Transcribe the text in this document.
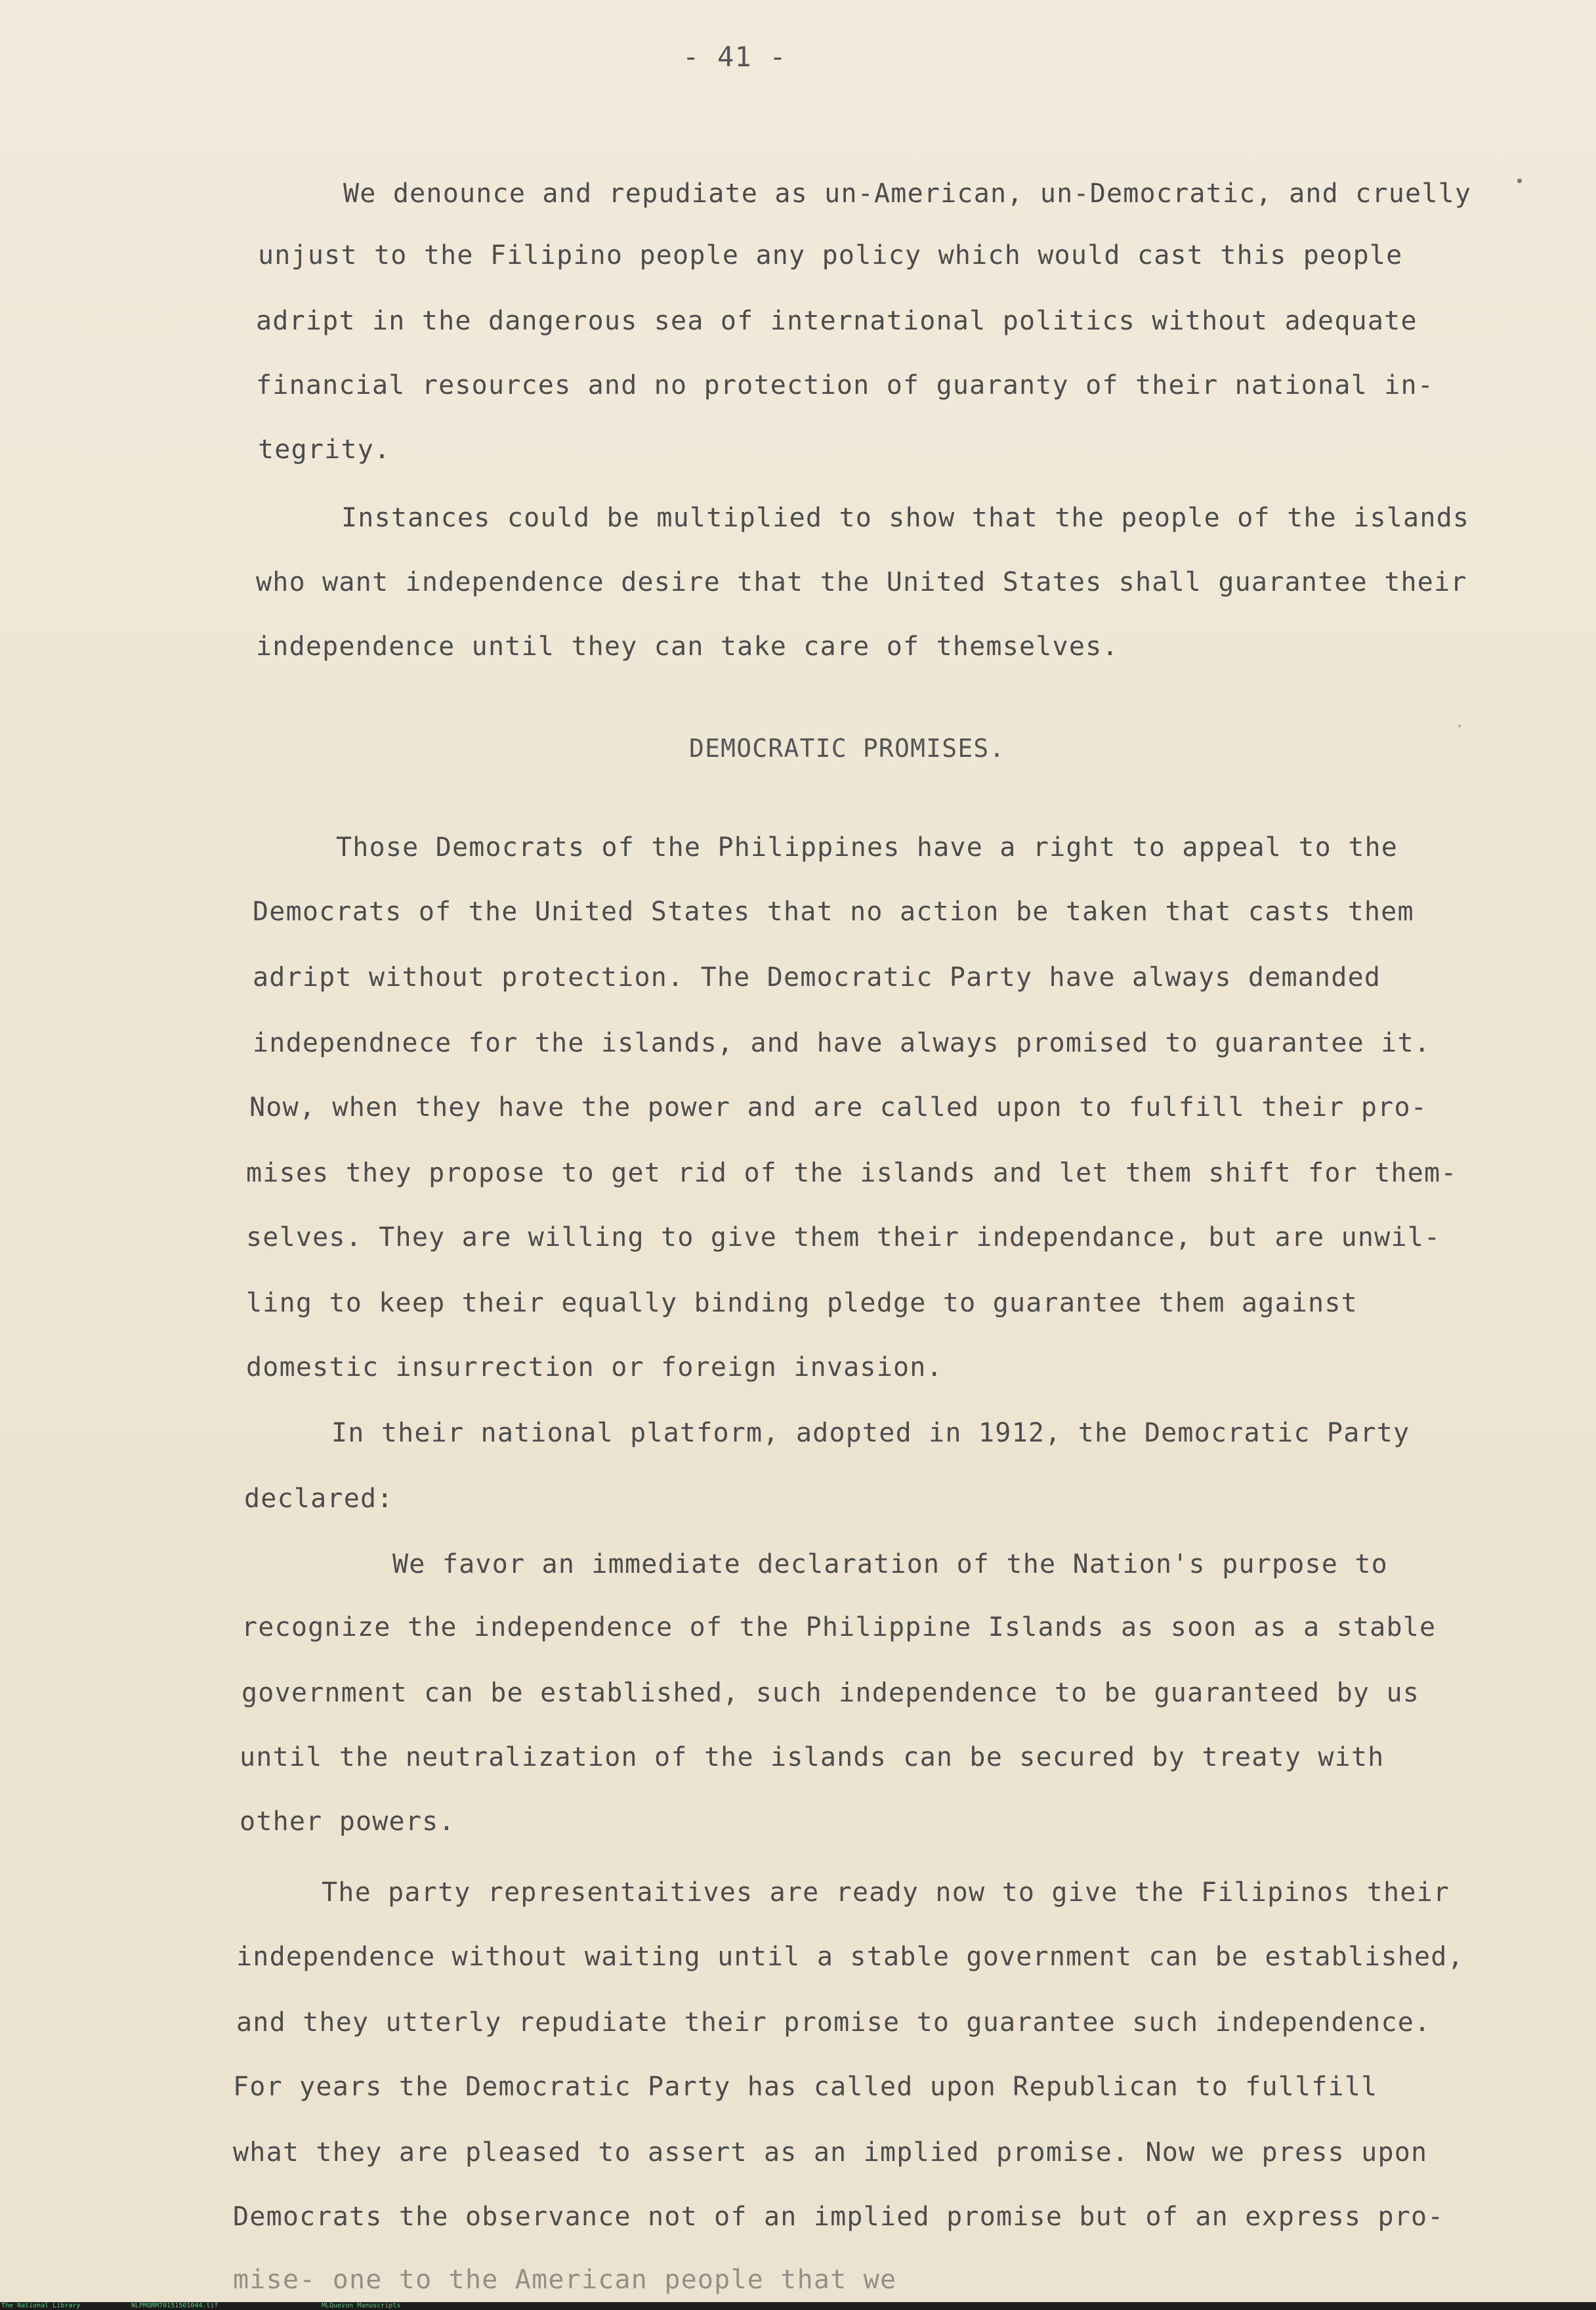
- 41 -
We denounce and repudiate as un-American, un-Democratic, and cruelly
unjust to the Filipino people any policy which would cast this people
adript in the dangerous sea of international politics without adequate
financial resources and no protection of guaranty of their national in-
tegrity.
Instances could be multiplied to show that the people of the islands
who want independence desire that the United States shall guarantee their
independence until they can take care of themselves.
DEMOCRATIC PROMISES.
Those Democrats of the Philippines have a right to appeal to the
Democrats of the United States that no action be taken that casts them
adript without protection. The Democratic Party have always demanded
independnece for the islands, and have always promised to guarantee it.
Now, when they have the power and are called upon to fulfill their pro-
mises they propose to get rid of the islands and let them shift for them-
selves. They are willing to give them their independance, but are unwil-
ling to keep their equally binding pledge to guarantee them against
domestic insurrection or foreign invasion.
In their national platform, adopted in 1912, the Democratic Party
declared:
We favor an immediate declaration of the Nation's purpose to
recognize the independence of the Philippine Islands as soon as a stable
government can be established, such independence to be guaranteed by us
until the neutralization of the islands can be secured by treaty with
other powers.
The party representaitives are ready now to give the Filipinos their
independence without waiting until a stable government can be established,
and they utterly repudiate their promise to guarantee such independence.
For years the Democratic Party has called upon Republican to fullfill
what they are pleased to assert as an implied promise. Now we press upon
Democrats the observance not of an implied promise but of an express pro-
mise- one to the American people that we
The National Library	NLPMQRM70151501044.tif	MLQuezon Manuscripts
